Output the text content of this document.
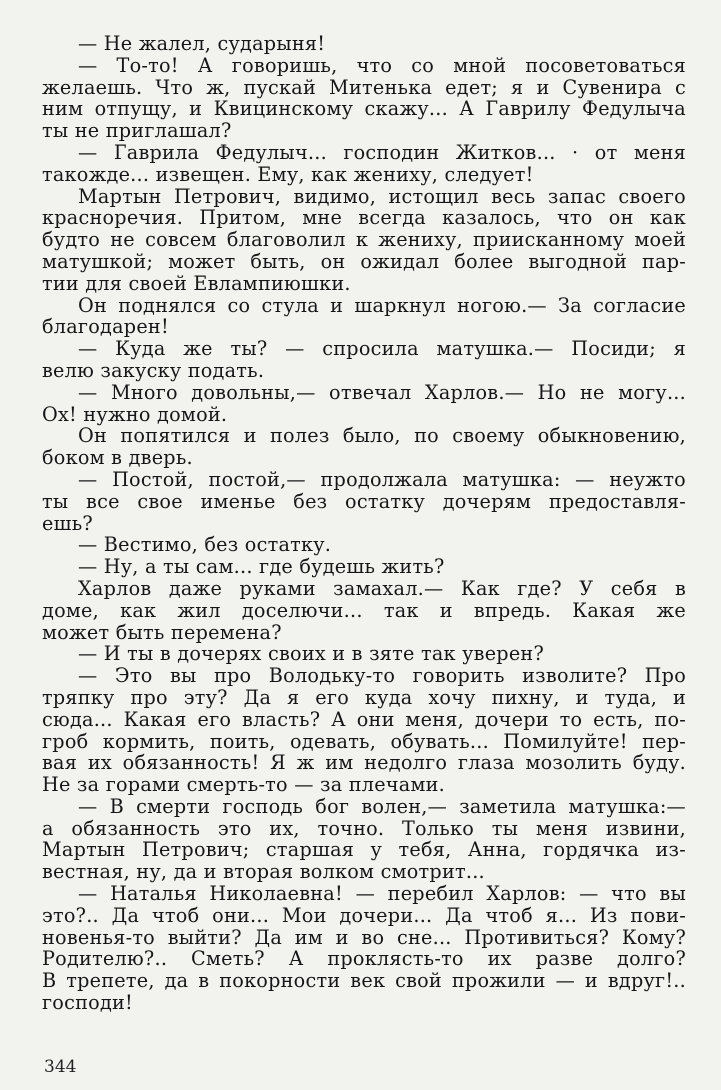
— Не жалел, сударыня!
— То-то! А говоришь, что со мной посоветоваться
желаешь. Что ж, пускай Митенька едет; я и Сувенира с
ним отпущу, и Квицинскому скажу... А Гаврилу Федулыча
ты не приглашал?
— Гаврила Федулыч... господин Житков... · от меня
такожде... извещен. Ему, как жениху, следует!
Мартын Петрович, видимо, истощил весь запас своего
красноречия. Притом, мне всегда казалось, что он как
будто не совсем благоволил к жениху, приисканному моей
матушкой; может быть, он ожидал более выгодной пар-
тии для своей Евлампиюшки.
Он поднялся со стула и шаркнул ногою.— За согласие
благодарен!
— Куда же ты? — спросила матушка.— Посиди; я
велю закуску подать.
— Много довольны,— отвечал Харлов.— Но не могу...
Ох! нужно домой.
Он попятился и полез было, по своему обыкновению,
боком в дверь.
— Постой, постой,— продолжала матушка: — неужто
ты все свое именье без остатку дочерям предоставля-
ешь?
— Вестимо, без остатку.
— Ну, а ты сам... где будешь жить?
Харлов даже руками замахал.— Как где? У себя в
доме, как жил доселючи... так и впредь. Какая же
может быть перемена?
— И ты в дочерях своих и в зяте так уверен?
— Это вы про Володьку-то говорить изволите? Про
тряпку про эту? Да я его куда хочу пихну, и туда, и
сюда... Какая его власть? А они меня, дочери то есть, по-
гроб кормить, поить, одевать, обувать... Помилуйте! пер-
вая их обязанность! Я ж им недолго глаза мозолить буду.
Не за горами смерть-то — за плечами.
— В смерти господь бог волен,— заметила матушка:—
а обязанность это их, точно. Только ты меня извини,
Мартын Петрович; старшая у тебя, Анна, гордячка из-
вестная, ну, да и вторая волком смотрит...
— Наталья Николаевна! — перебил Харлов: — что вы
это?.. Да чтоб они... Мои дочери... Да чтоб я... Из пови-
новенья-то выйти? Да им и во сне... Противиться? Кому?
Родителю?.. Сметь? А проклясть-то их разве долго?
В трепете, да в покорности век свой прожили — и вдруг!..
господи!
344
